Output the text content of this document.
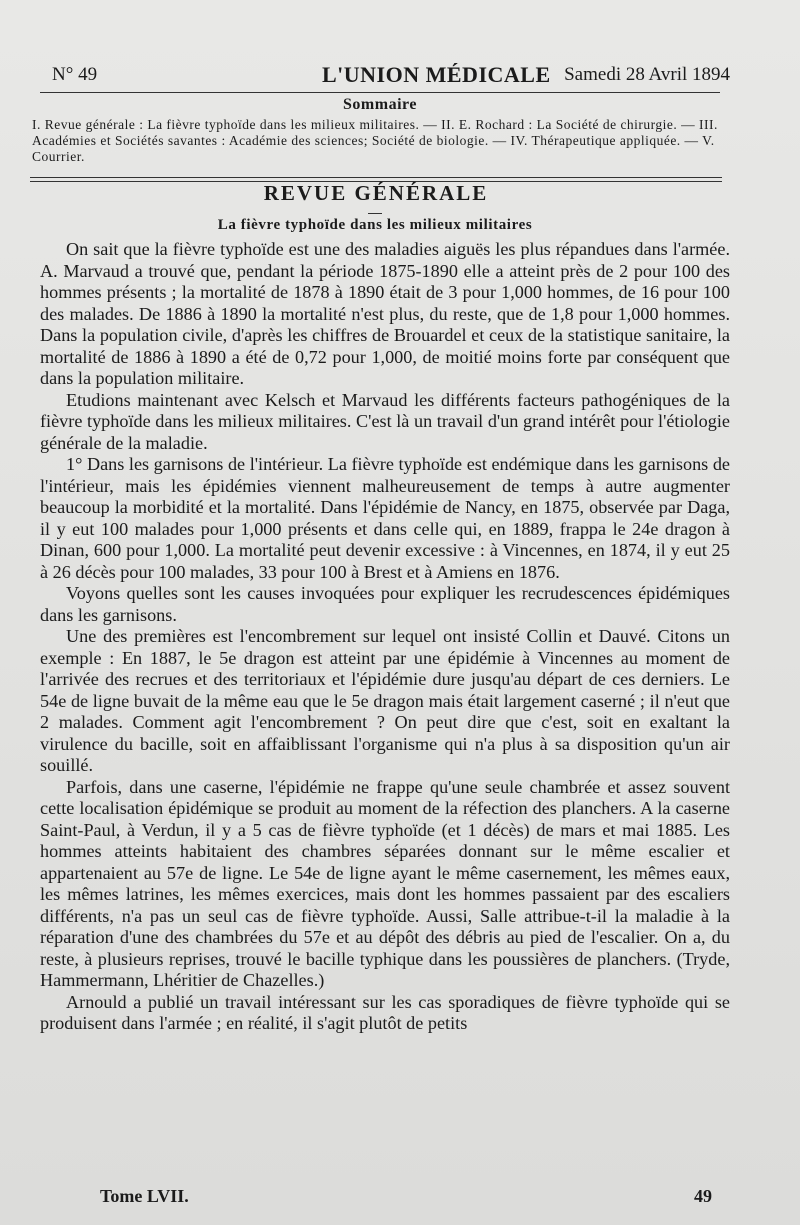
N° 49	L'UNION MÉDICALE Samedi 28 Avril 1894
Sommaire
I. Revue générale : La fièvre typhoïde dans les milieux militaires. — II. E. Rochard : La Société de chirurgie. — III. Académies et Sociétés savantes : Académie des sciences; Société de biologie. — IV. Thérapeutique appliquée. — V. Courrier.
REVUE GÉNÉRALE
La fièvre typhoïde dans les milieux militaires

On sait que la fièvre typhoïde est une des maladies aiguës les plus répandues dans l'armée. A. Marvaud a trouvé que, pendant la période 1875-1890 elle a atteint près de 2 pour 100 des hommes présents ; la mortalité de 1878 à 1890 était de 3 pour 1,000 hommes, de 16 pour 100 des malades. De 1886 à 1890 la mortalité n'est plus, du reste, que de 1,8 pour 1,000 hommes. Dans la population civile, d'après les chiffres de Brouardel et ceux de la statistique sanitaire, la mortalité de 1886 à 1890 a été de 0,72 pour 1,000, de moitié moins forte par conséquent que dans la population militaire.

Etudions maintenant avec Kelsch et Marvaud les différents facteurs pathogéniques de la fièvre typhoïde dans les milieux militaires. C'est là un travail d'un grand intérêt pour l'étiologie générale de la maladie.

1° Dans les garnisons de l'intérieur. La fièvre typhoïde est endémique dans les garnisons de l'intérieur, mais les épidémies viennent malheureusement de temps à autre augmenter beaucoup la morbidité et la mortalité. Dans l'épidémie de Nancy, en 1875, observée par Daga, il y eut 100 malades pour 1,000 présents et dans celle qui, en 1889, frappa le 24e dragon à Dinan, 600 pour 1,000. La mortalité peut devenir excessive : à Vincennes, en 1874, il y eut 25 à 26 décès pour 100 malades, 33 pour 100 à Brest et à Amiens en 1876.

Voyons quelles sont les causes invoquées pour expliquer les recrudescences épidémiques dans les garnisons.

Une des premières est l'encombrement sur lequel ont insisté Collin et Dauvé. Citons un exemple : En 1887, le 5e dragon est atteint par une épidémie à Vincennes au moment de l'arrivée des recrues et des territoriaux et l'épidémie dure jusqu'au départ de ces derniers. Le 54e de ligne buvait de la même eau que le 5e dragon mais était largement caserné ; il n'eut que 2 malades. Comment agit l'encombrement ? On peut dire que c'est, soit en exaltant la virulence du bacille, soit en affaiblissant l'organisme qui n'a plus à sa disposition qu'un air souillé.

Parfois, dans une caserne, l'épidémie ne frappe qu'une seule chambrée et assez souvent cette localisation épidémique se produit au moment de la réfection des planchers. A la caserne Saint-Paul, à Verdun, il y a 5 cas de fièvre typhoïde (et 1 décès) de mars et mai 1885. Les hommes atteints habitaient des chambres séparées donnant sur le même escalier et appartenaient au 57e de ligne. Le 54e de ligne ayant le même casernement, les mêmes eaux, les mêmes latrines, les mêmes exercices, mais dont les hommes passaient par des escaliers différents, n'a pas un seul cas de fièvre typhoïde. Aussi, Salle attribue-t-il la maladie à la réparation d'une des chambrées du 57e et au dépôt des débris au pied de l'escalier. On a, du reste, à plusieurs reprises, trouvé le bacille typhique dans les poussières de planchers. (Tryde, Hammermann, Lhéritier de Chazelles.)

Arnould a publié un travail intéressant sur les cas sporadiques de fièvre typhoïde qui se produisent dans l'armée ; en réalité, il s'agit plutôt de petits

Tome LVII.	49
